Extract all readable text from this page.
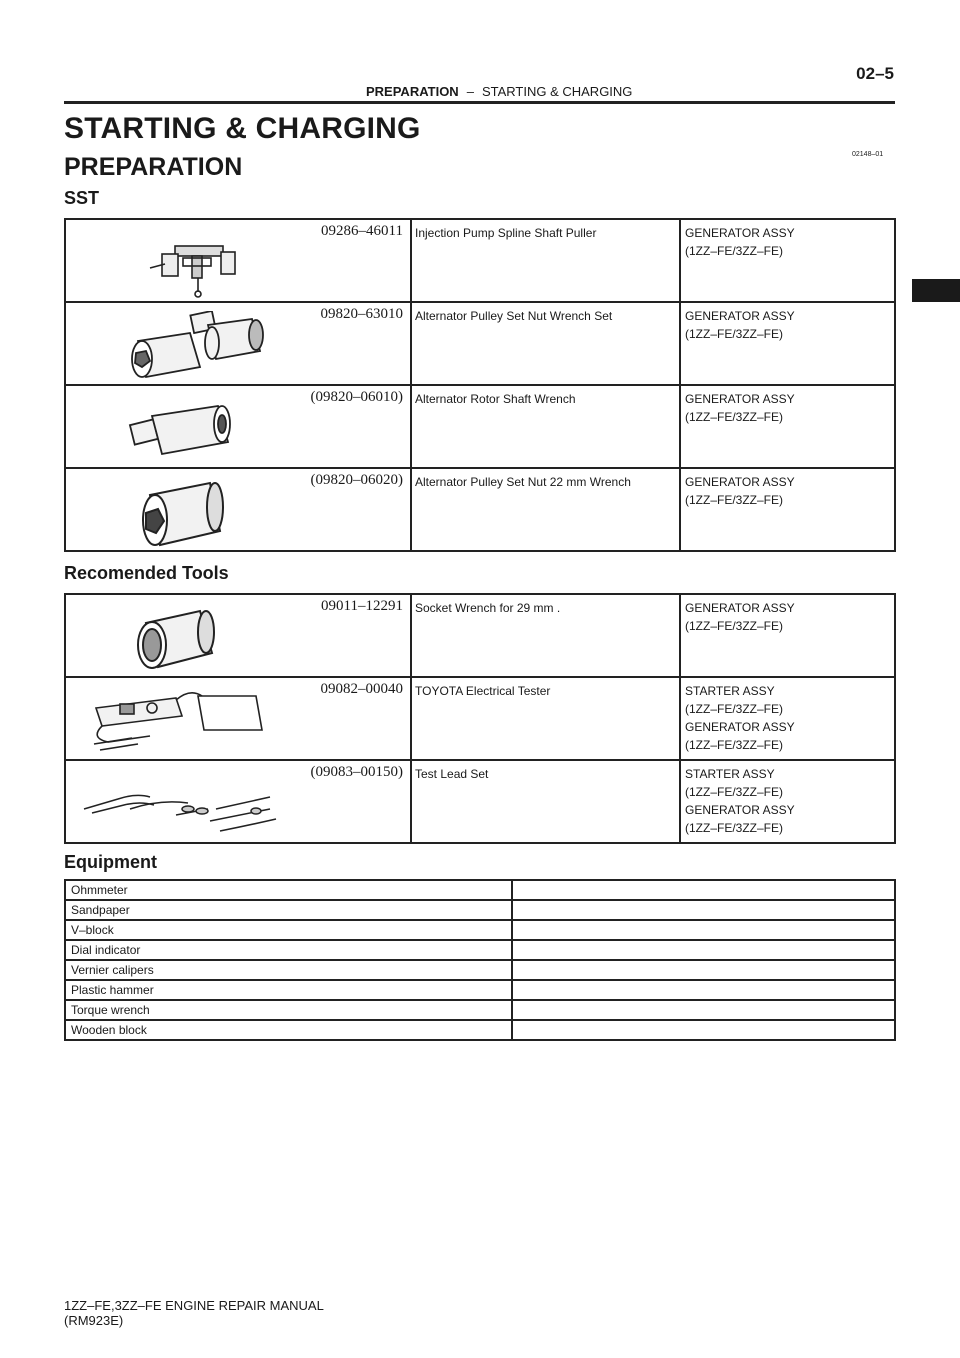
PREPARATION – STARTING & CHARGING
02–5
STARTING & CHARGING
PREPARATION	02148–01
SST
09286–46011	Injection Pump Spline Shaft Puller	GENERATOR ASSY
(1ZZ–FE/3ZZ–FE)

09820–63010	Alternator Pulley Set Nut Wrench Set	GENERATOR ASSY
(1ZZ–FE/3ZZ–FE)

(09820–06010)	Alternator Rotor Shaft Wrench	GENERATOR ASSY
(1ZZ–FE/3ZZ–FE)

(09820–06020)	Alternator Pulley Set Nut 22 mm Wrench	GENERATOR ASSY
(1ZZ–FE/3ZZ–FE)
Recomended Tools
09011–12291	Socket Wrench for 29 mm .	GENERATOR ASSY
(1ZZ–FE/3ZZ–FE)

09082–00040	TOYOTA Electrical Tester	STARTER ASSY
(1ZZ–FE/3ZZ–FE)
GENERATOR ASSY
(1ZZ–FE/3ZZ–FE)

(09083–00150)	Test Lead Set	STARTER ASSY
(1ZZ–FE/3ZZ–FE)
GENERATOR ASSY
(1ZZ–FE/3ZZ–FE)
Equipment
Ohmmeter	
Sandpaper	
V–block	
Dial indicator	
Vernier calipers	
Plastic hammer	
Torque wrench	
Wooden block	
1ZZ–FE,3ZZ–FE ENGINE REPAIR MANUAL
(RM923E)
